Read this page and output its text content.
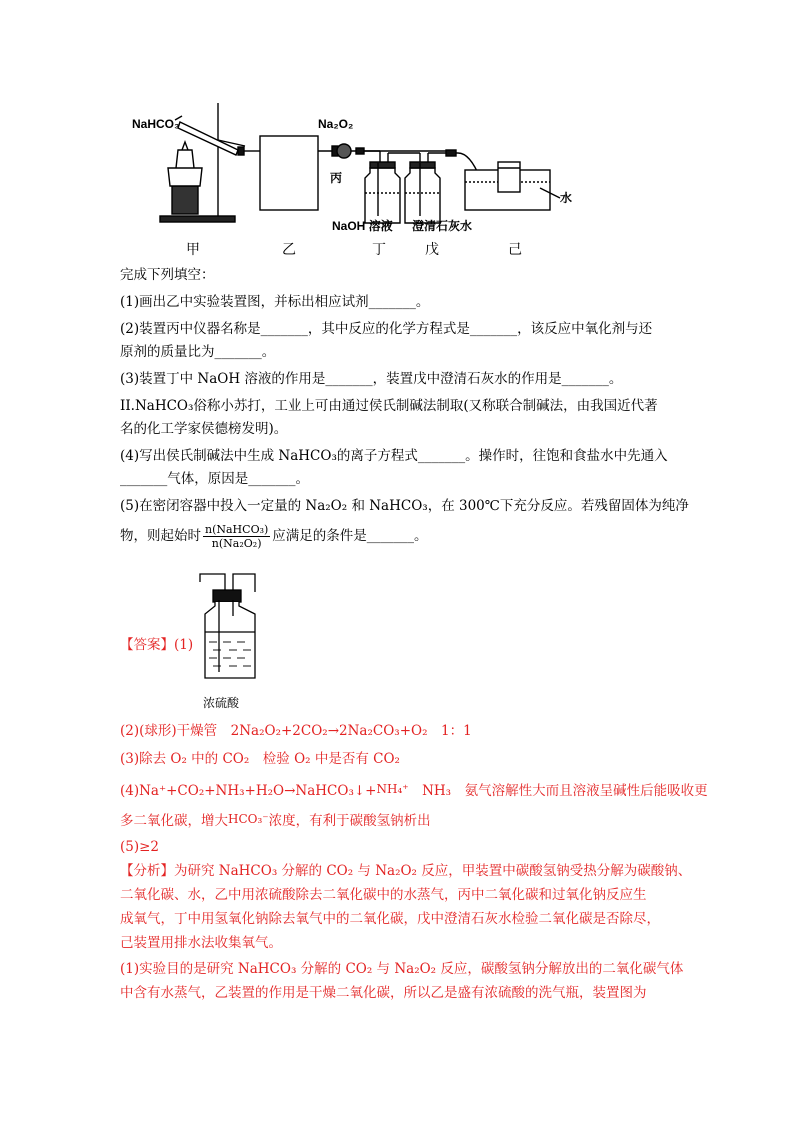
NaHCO₃	Na₂O₂
丙
NaOH 溶液 澄清石灰水
水
甲	乙	丁	戊	己
完成下列填空：
(1)画出乙中实验装置图，并标出相应试剂_______。
(2)装置丙中仪器名称是_______，其中反应的化学方程式是_______，该反应中氧化剂与还
原剂的质量比为_______。
(3)装置丁中 NaOH 溶液的作用是_______，装置戊中澄清石灰水的作用是_______。
II.NaHCO₃俗称小苏打，工业上可由通过侯氏制碱法制取(又称联合制碱法，由我国近代著
名的化工学家侯德榜发明)。
(4)写出侯氏制碱法中生成 NaHCO₃的离子方程式_______。操作时，往饱和食盐水中先通入
_______气体，原因是_______。
(5)在密闭容器中投入一定量的 Na₂O₂ 和 NaHCO₃，在 300℃下充分反应。若残留固体为纯净
物，则起始时 $\frac{\text{n(NaHCO₃)}}{\text{n(Na₂O₂)}}$ 应满足的条件是_______。
【答案】(1)
浓硫酸
(2)(球形)干燥管　2Na₂O₂+2CO₂→2Na₂CO₃+O₂　1：1
(3)除去 O₂ 中的 CO₂　检验 O₂ 中是否有 CO₂
(4)Na⁺+CO₂+NH₃+H₂O→NaHCO₃↓+NH₄⁺　NH₃　氨气溶解性大而且溶液呈碱性后能吸收更
多二氧化碳，增大HCO₃⁻浓度，有利于碳酸氢钠析出
(5)≥2
【分析】为研究 NaHCO₃ 分解的 CO₂ 与 Na₂O₂ 反应，甲装置中碳酸氢钠受热分解为碳酸钠、
二氧化碳、水，乙中用浓硫酸除去二氧化碳中的水蒸气，丙中二氧化碳和过氧化钠反应生
成氧气，丁中用氢氧化钠除去氧气中的二氧化碳，戊中澄清石灰水检验二氧化碳是否除尽，
己装置用排水法收集氧气。
(1)实验目的是研究 NaHCO₃ 分解的 CO₂ 与 Na₂O₂ 反应，碳酸氢钠分解放出的二氧化碳气体
中含有水蒸气，乙装置的作用是干燥二氧化碳，所以乙是盛有浓硫酸的洗气瓶，装置图为
